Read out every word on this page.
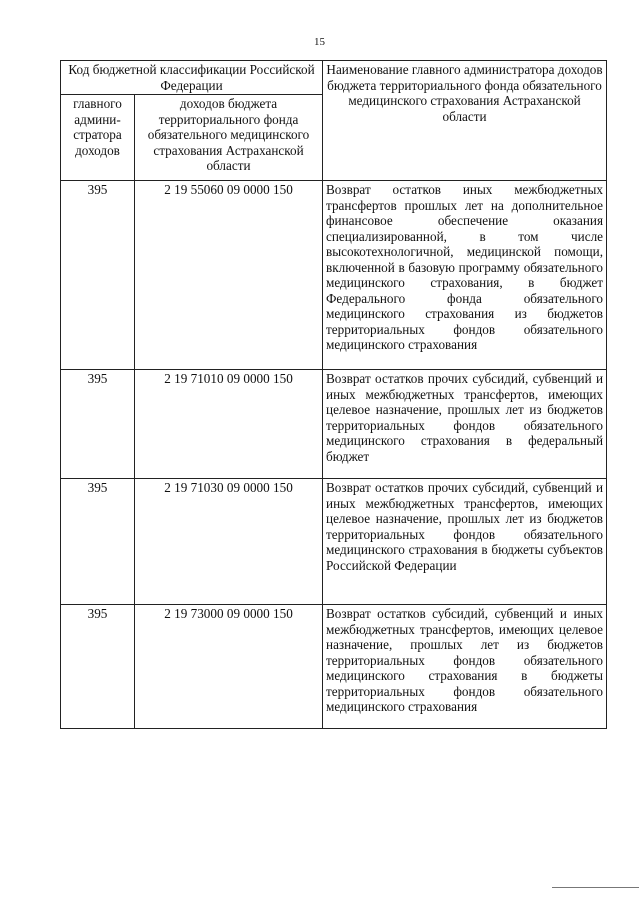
15
Код бюджетной классификации Российской Федерации		Наименование главного администратора доходов бюджета территориального фонда обязательного медицинского страхования Астраханской области
главного админи-стратора доходов	доходов бюджета территориального фонда обязательного медицинского страхования Астраханской области	
395	2 19 55060 09 0000 150	Возврат остатков иных межбюджетных трансфертов прошлых лет на дополнительное финансовое обеспечение оказания специализированной, в том числе высокотехнологичной, медицинской помощи, включенной в базовую программу обязательного медицинского страхования, в бюджет Федерального фонда обязательного медицинского страхования из бюджетов территориальных фондов обязательного медицинского страхования
395	2 19 71010 09 0000 150	Возврат остатков прочих субсидий, субвенций и иных межбюджетных трансфертов, имеющих целевое назначение, прошлых лет из бюджетов территориальных фондов обязательного медицинского страхования в федеральный бюджет
395	2 19 71030 09 0000 150	Возврат остатков прочих субсидий, субвенций и иных межбюджетных трансфертов, имеющих целевое назначение, прошлых лет из бюджетов территориальных фондов обязательного медицинского страхования в бюджеты субъектов Российской Федерации
395	2 19 73000 09 0000 150	Возврат остатков субсидий, субвенций и иных межбюджетных трансфертов, имеющих целевое назначение, прошлых лет из бюджетов территориальных фондов обязательного медицинского страхования в бюджеты территориальных фондов обязательного медицинского страхования
